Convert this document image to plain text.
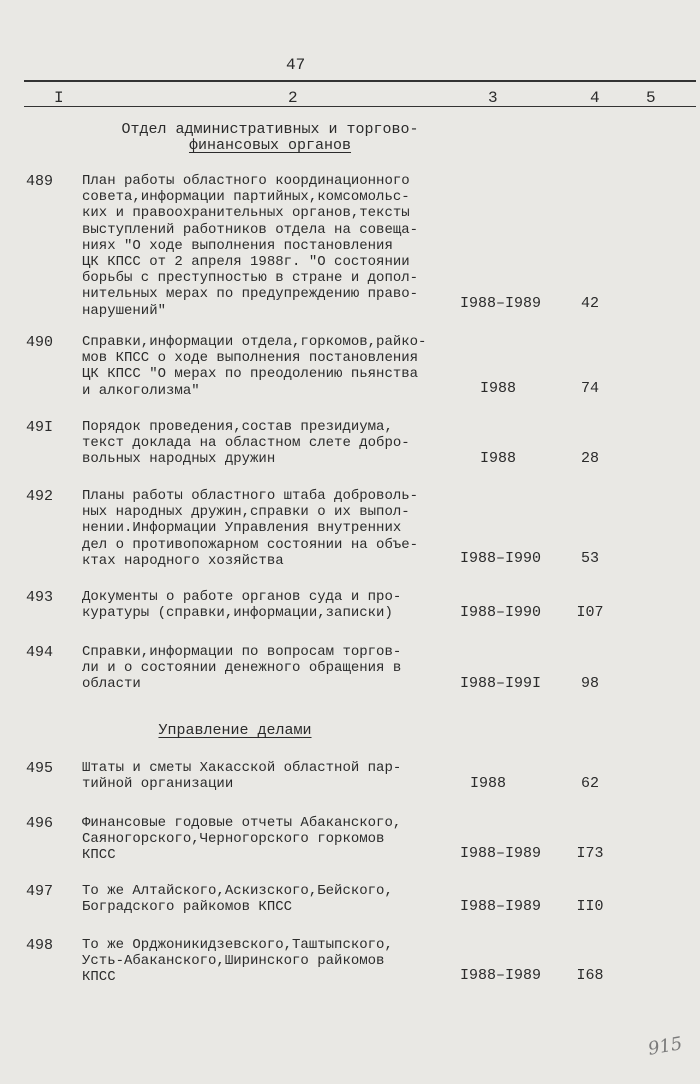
47
I	2	3	4	5
Отдел административных и торгово-
финансовых органов
489 План работы областного координационного
совета,информации партийных,комсомольс-
ких и правоохранительных органов,тексты
выступлений работников отдела на совеща-
ниях "О ходе выполнения постановления
ЦК КПСС от 2 апреля 1988г. "О состоянии
борьбы с преступностью в стране и допол-
нительных мерах по предупреждению право-
нарушений"	I988–I989	42
490 Справки,информации отдела,горкомов,райко-
мов КПСС о ходе выполнения постановления
ЦК КПСС "О мерах по преодолению пьянства
и алкоголизма"	I988	74
49I Порядок проведения,состав президиума,
текст доклада на областном слете добро-
вольных народных дружин	I988	28
492 Планы работы областного штаба доброволь-
ных народных дружин,справки о их выпол-
нении.Информации Управления внутренних
дел о противопожарном состоянии на объе-
ктах народного хозяйства	I988–I990	53
493 Документы о работе органов суда и про-
куратуры (справки,информации,записки)	I988–I990	I07
494 Справки,информации по вопросам торгов-
ли и о состоянии денежного обращения в
области	I988–I99I	98
Управление делами
495 Штаты и сметы Хакасской областной пар-
тийной организации	I988	62
496 Финансовые годовые отчеты Абаканского,
Саяногорского,Черногорского горкомов
КПСС	I988–I989	I73
497 То же Алтайского,Аскизского,Бейского,
Боградского райкомов КПСС	I988–I989	II0
498 То же Орджоникидзевского,Таштыпского,
Усть-Абаканского,Ширинского райкомов
КПСС	I988–I989	I68
915
